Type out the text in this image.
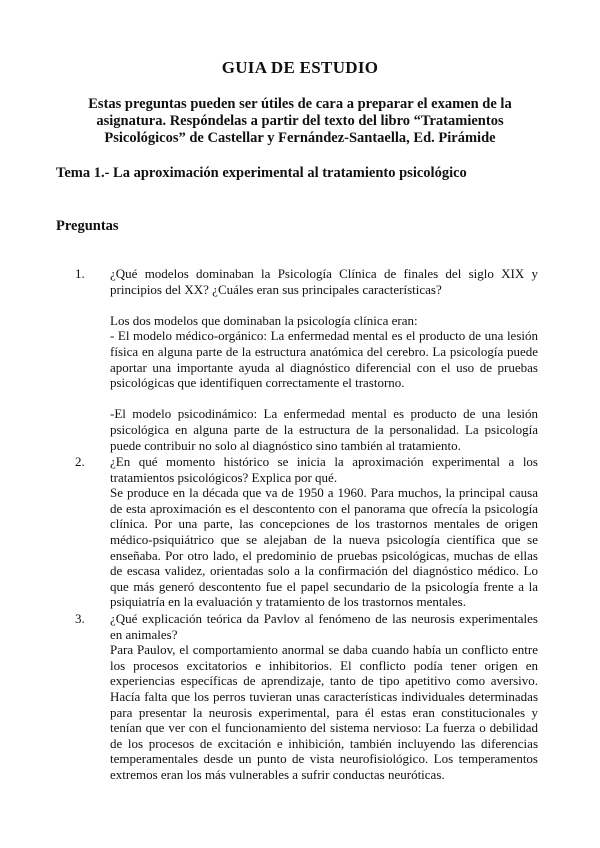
GUIA DE ESTUDIO
Estas preguntas pueden ser útiles de cara a preparar el examen de la asignatura. Respóndelas a partir del texto del libro “Tratamientos Psicológicos” de Castellar y Fernández-Santaella, Ed. Pirámide
Tema 1.- La aproximación experimental al tratamiento psicológico
Preguntas
1. ¿Qué modelos dominaban la Psicología Clínica de finales del siglo XIX y principios del XX? ¿Cuáles eran sus principales características?

Los dos modelos que dominaban la psicología clínica eran:

- El modelo médico-orgánico: La enfermedad mental es el producto de una lesión física en alguna parte de la estructura anatómica del cerebro. La psicología puede aportar una importante ayuda al diagnóstico diferencial con el uso de pruebas psicológicas que identifiquen correctamente el trastorno.

-El modelo psicodinámico: La enfermedad mental es producto de una lesión psicológica en alguna parte de la estructura de la personalidad. La psicología puede contribuir no solo al diagnóstico sino también al tratamiento.

2. ¿En qué momento histórico se inicia la aproximación experimental a los tratamientos psicológicos? Explica por qué.

Se produce en la década que va de 1950 a 1960. Para muchos, la principal causa de esta aproximación es el descontento con el panorama que ofrecía la psicología clínica. Por una parte, las concepciones de los trastornos mentales de origen médico-psiquiátrico que se alejaban de la nueva psicología científica que se enseñaba. Por otro lado, el predominio de pruebas psicológicas, muchas de ellas de escasa validez, orientadas solo a la confirmación del diagnóstico médico. Lo que más generó descontento fue el papel secundario de la psicología frente a la psiquiatría en la evaluación y tratamiento de los trastornos mentales.

3. ¿Qué explicación teórica da Pavlov al fenómeno de las neurosis experimentales en animales?

Para Paulov, el comportamiento anormal se daba cuando había un conflicto entre los procesos excitatorios e inhibitorios. El conflicto podía tener origen en experiencias específicas de aprendizaje, tanto de tipo apetitivo como aversivo. Hacía falta que los perros tuvieran unas características individuales determinadas para presentar la neurosis experimental, para él estas eran constitucionales y tenían que ver con el funcionamiento del sistema nervioso: La fuerza o debilidad de los procesos de excitación e inhibición, también incluyendo las diferencias temperamentales desde un punto de vista neurofisiológico. Los temperamentos extremos eran los más vulnerables a sufrir conductas neuróticas.
